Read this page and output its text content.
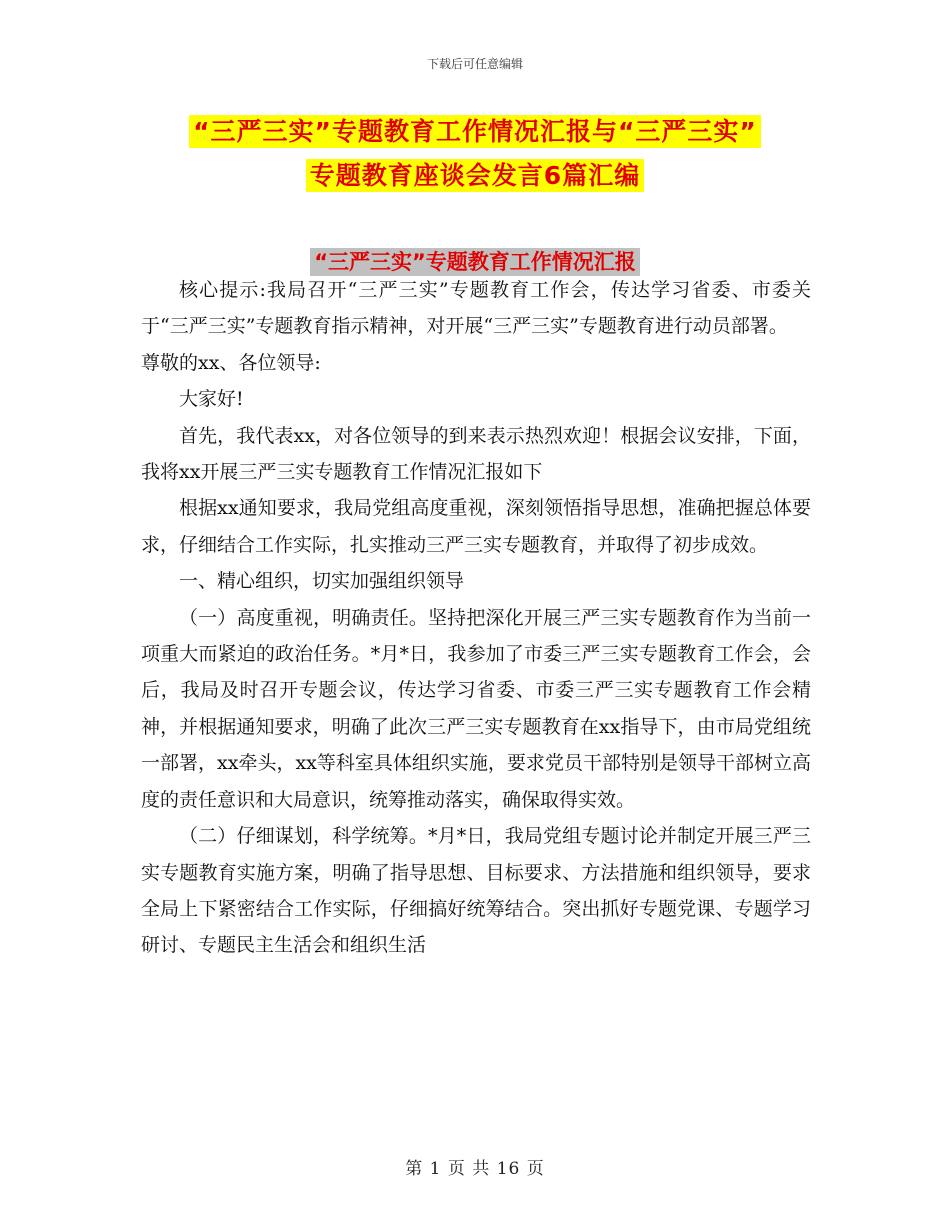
下载后可任意编辑
“三严三实”专题教育工作情况汇报与“三严三实”
专题教育座谈会发言6篇汇编
“三严三实”专题教育工作情况汇报

核心提示:我局召开“三严三实”专题教育工作会，传达学习省委、市委关于“三严三实”专题教育指示精神，对开展“三严三实”专题教育进行动员部署。

尊敬的xx、各位领导:

大家好!

首先，我代表xx，对各位领导的到来表示热烈欢迎！根据会议安排，下面，我将xx开展三严三实专题教育工作情况汇报如下

根据xx通知要求，我局党组高度重视，深刻领悟指导思想，准确把握总体要求，仔细结合工作实际，扎实推动三严三实专题教育，并取得了初步成效。

一、精心组织，切实加强组织领导

（一）高度重视，明确责任。坚持把深化开展三严三实专题教育作为当前一项重大而紧迫的政治任务。*月*日，我参加了市委三严三实专题教育工作会，会后，我局及时召开专题会议，传达学习省委、市委三严三实专题教育工作会精神，并根据通知要求，明确了此次三严三实专题教育在xx指导下，由市局党组统一部署，xx牵头，xx等科室具体组织实施，要求党员干部特别是领导干部树立高度的责任意识和大局意识，统筹推动落实，确保取得实效。

（二）仔细谋划，科学统筹。*月*日，我局党组专题讨论并制定开展三严三实专题教育实施方案，明确了指导思想、目标要求、方法措施和组织领导，要求全局上下紧密结合工作实际，仔细搞好统筹结合。突出抓好专题党课、专题学习研讨、专题民主生活会和组织生活

第 1 页 共 16 页
